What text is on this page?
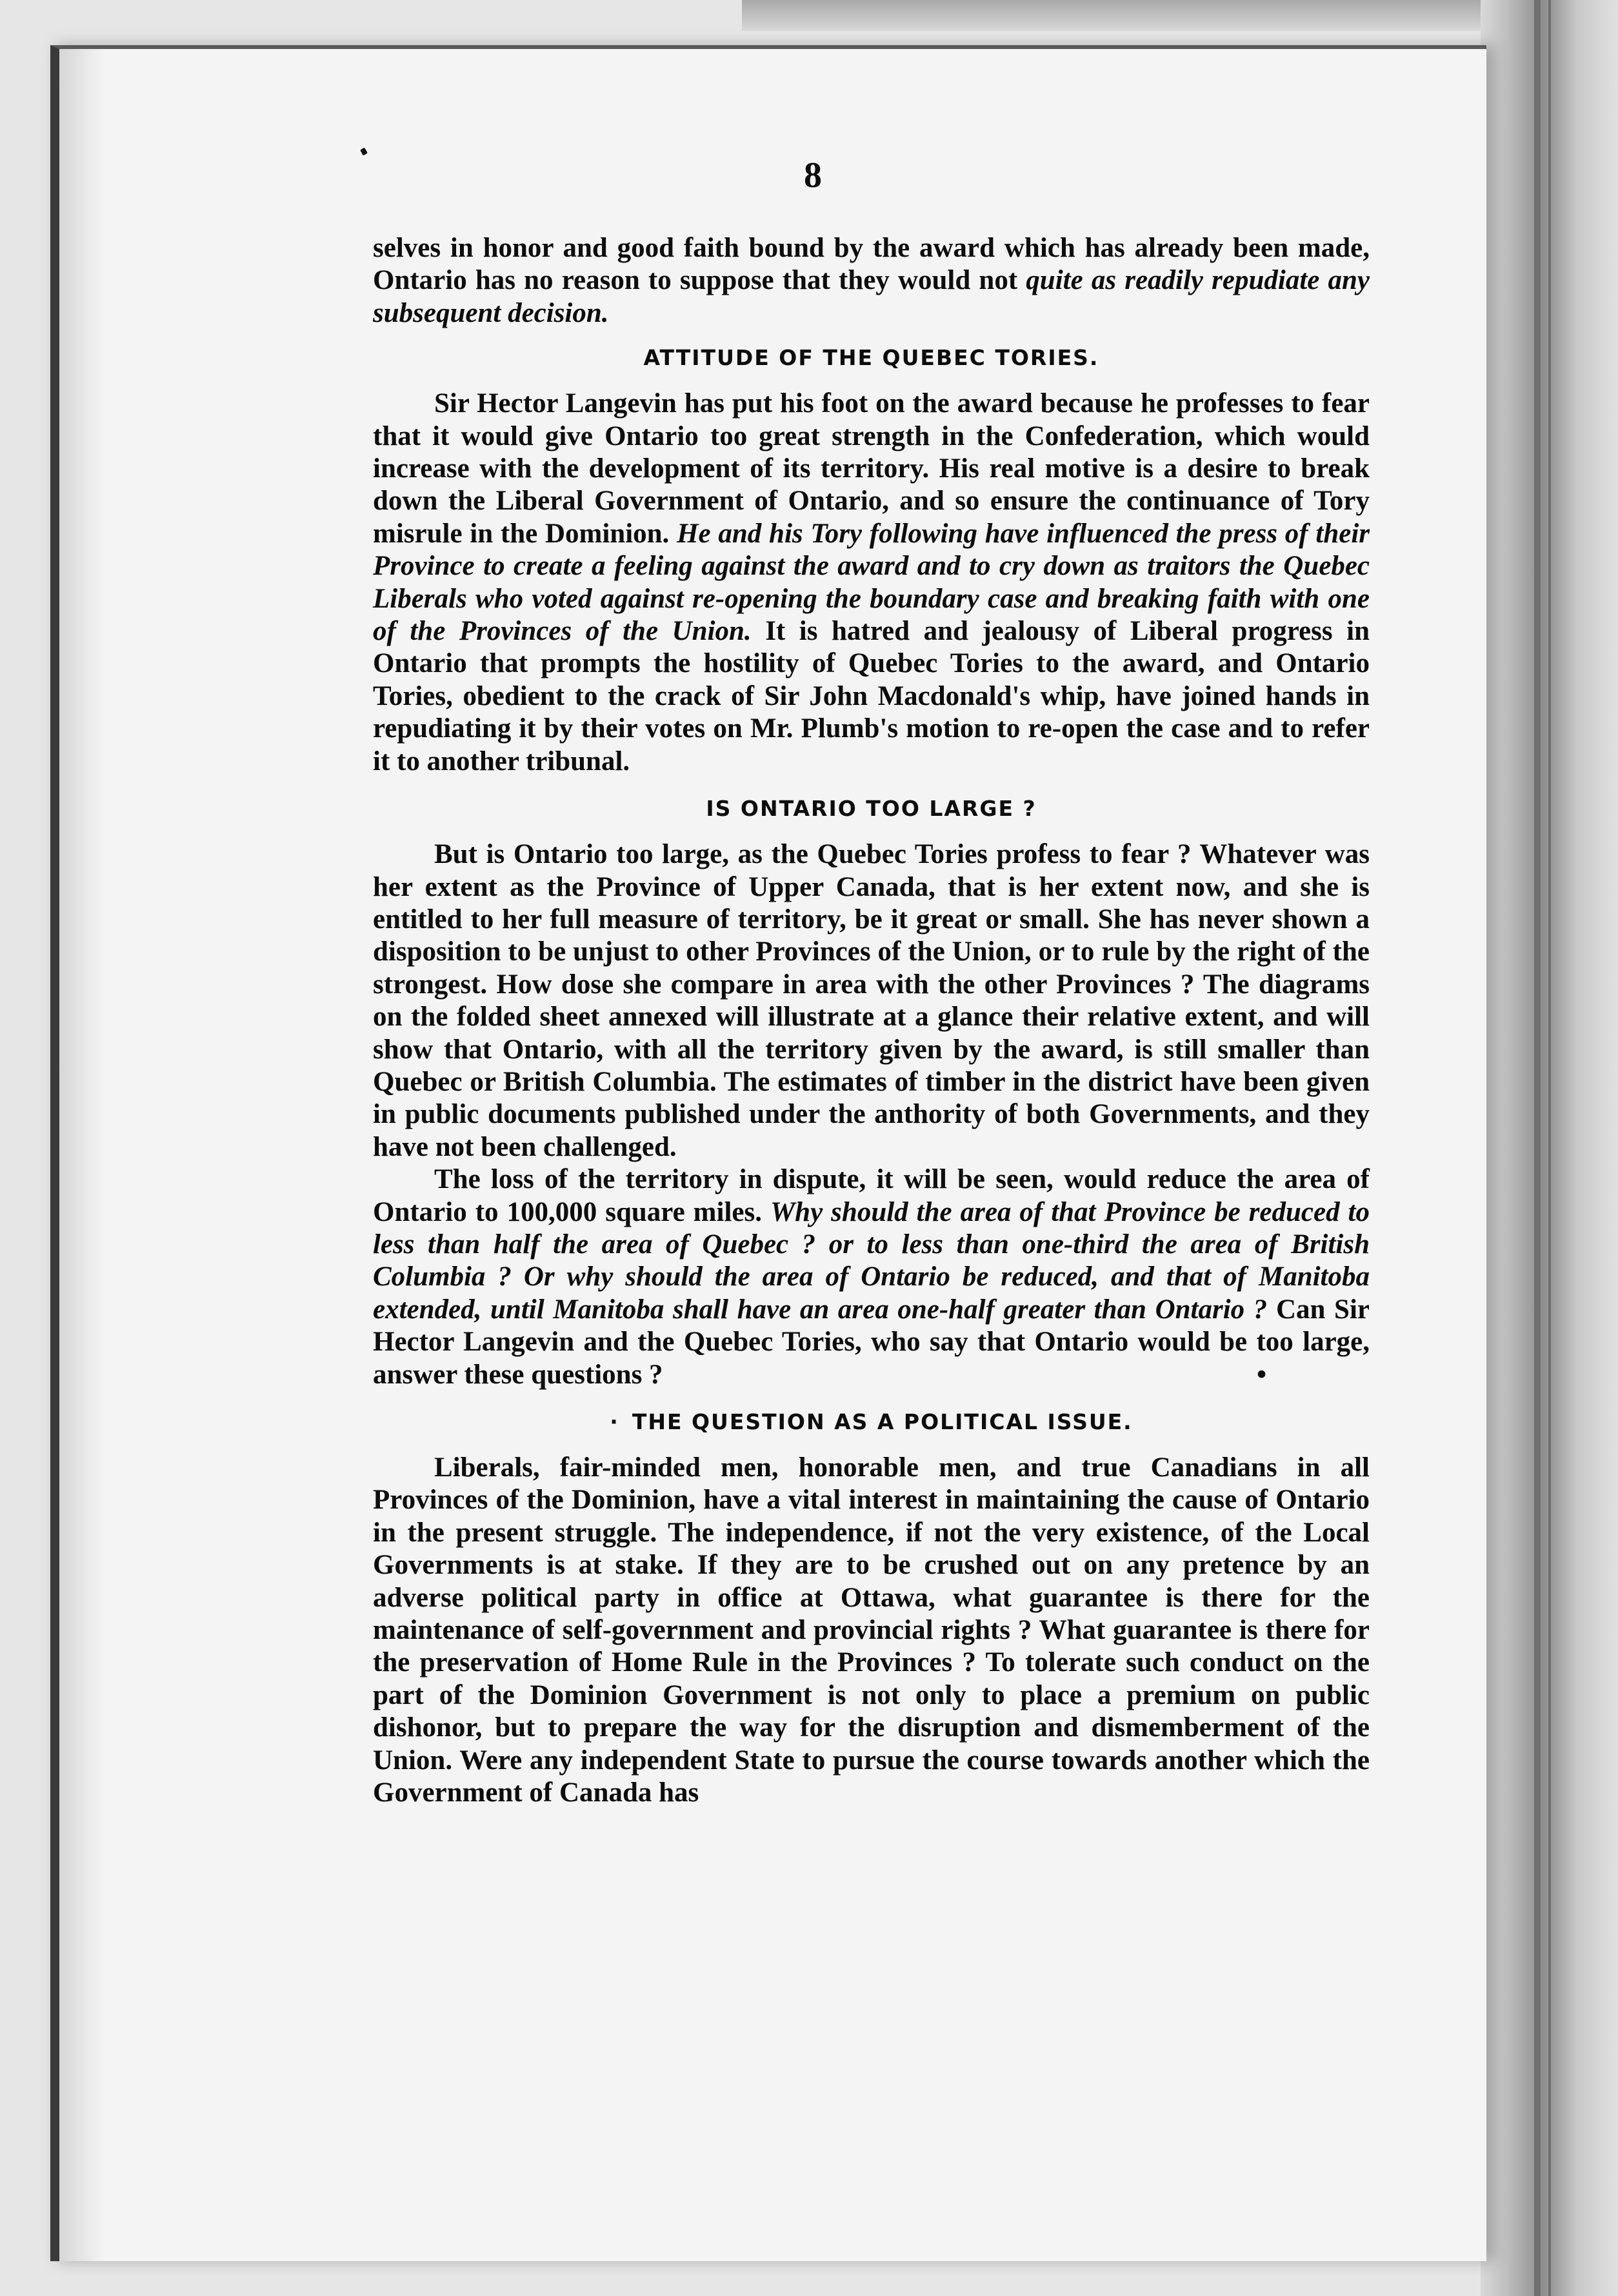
8

selves in honor and good faith bound by the award which has already been made, Ontario has no reason to suppose that they would not quite as readily repudiate any subsequent decision.

ATTITUDE OF THE QUEBEC TORIES.

Sir Hector Langevin has put his foot on the award because he professes to fear that it would give Ontario too great strength in the Confederation, which would increase with the development of its territory. His real motive is a desire to break down the Liberal Government of Ontario, and so ensure the continuance of Tory misrule in the Dominion. He and his Tory following have influenced the press of their Province to create a feeling against the award and to cry down as traitors the Quebec Liberals who voted against re-opening the boundary case and breaking faith with one of the Provinces of the Union. It is hatred and jealousy of Liberal progress in Ontario that prompts the hostility of Quebec Tories to the award, and Ontario Tories, obedient to the crack of Sir John Macdonald's whip, have joined hands in repudiating it by their votes on Mr. Plumb's motion to re-open the case and to refer it to another tribunal.

IS ONTARIO TOO LARGE ?

But is Ontario too large, as the Quebec Tories profess to fear ? Whatever was her extent as the Province of Upper Canada, that is her extent now, and she is entitled to her full measure of territory, be it great or small. She has never shown a disposition to be unjust to other Provinces of the Union, or to rule by the right of the strongest. How dose she compare in area with the other Provinces ? The diagrams on the folded sheet annexed will illustrate at a glance their relative extent, and will show that Ontario, with all the territory given by the award, is still smaller than Quebec or British Columbia. The estimates of timber in the district have been given in public documents published under the anthority of both Governments, and they have not been challenged.

The loss of the territory in dispute, it will be seen, would reduce the area of Ontario to 100,000 square miles. Why should the area of that Province be reduced to less than half the area of Quebec ? or to less than one-third the area of British Columbia ? Or why should the area of Ontario be reduced, and that of Manitoba extended, until Manitoba shall have an area one-half greater than Ontario ? Can Sir Hector Langevin and the Quebec Tories, who say that Ontario would be too large, answer these questions ?	•

· THE QUESTION AS A POLITICAL ISSUE.

Liberals, fair-minded men, honorable men, and true Canadians in all Provinces of the Dominion, have a vital interest in maintaining the cause of Ontario in the present struggle. The independence, if not the very existence, of the Local Governments is at stake. If they are to be crushed out on any pretence by an adverse political party in office at Ottawa, what guarantee is there for the maintenance of self-government and provincial rights ? What guarantee is there for the preservation of Home Rule in the Provinces ? To tolerate such conduct on the part of the Dominion Government is not only to place a premium on public dishonor, but to prepare the way for the disruption and dismemberment of the Union. Were any independent State to pursue the course towards another which the Government of Canada has
